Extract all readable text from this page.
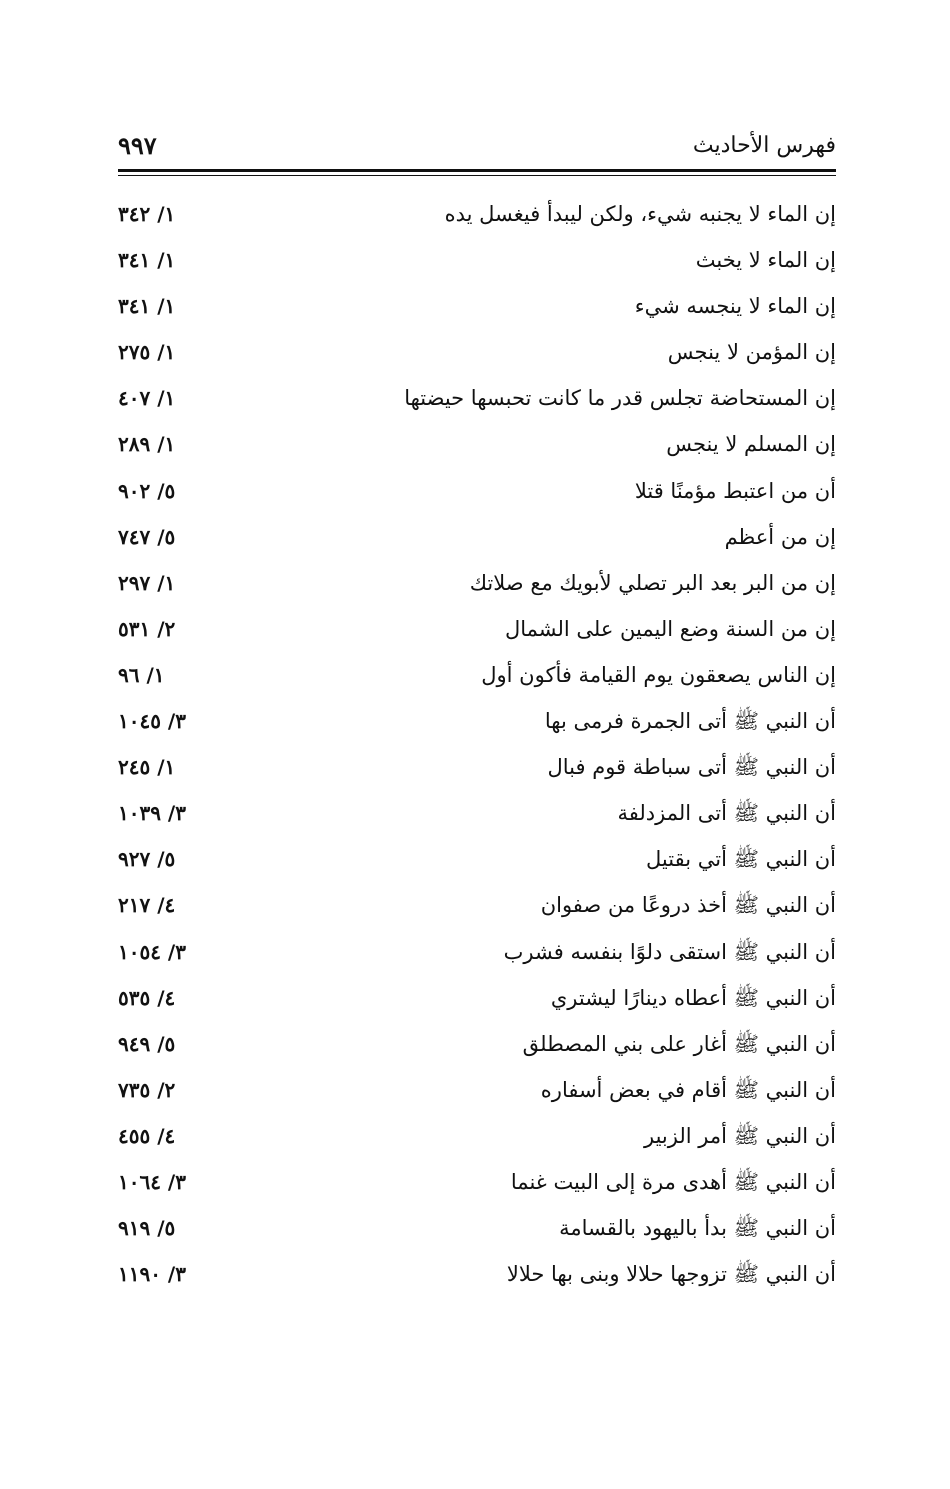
فهرس الأحاديث
٩٩٧
إن الماء لا يجنبه شيء، ولكن ليبدأ فيغسل يده
١/ ٣٤٢
إن الماء لا يخبث
١/ ٣٤١
إن الماء لا ينجسه شيء
١/ ٣٤١
إن المؤمن لا ينجس
١/ ٢٧٥
إن المستحاضة تجلس قدر ما كانت تحبسها حيضتها
١/ ٤٠٧
إن المسلم لا ينجس
١/ ٢٨٩
أن من اعتبط مؤمنًا قتلا
٥/ ٩٠٢
إن من أعظم
٥/ ٧٤٧
إن من البر بعد البر تصلي لأبويك مع صلاتك
١/ ٢٩٧
إن من السنة وضع اليمين على الشمال
٢/ ٥٣١
إن الناس يصعقون يوم القيامة فأكون أول
١/ ٩٦
أن النبي ﷺ أتى الجمرة فرمى بها
٣/ ١٠٤٥
أن النبي ﷺ أتى سباطة قوم فبال
١/ ٢٤٥
أن النبي ﷺ أتى المزدلفة
٣/ ١٠٣٩
أن النبي ﷺ أتي بقتيل
٥/ ٩٢٧
أن النبي ﷺ أخذ دروعًا من صفوان
٤/ ٢١٧
أن النبي ﷺ استقى دلوًا بنفسه فشرب
٣/ ١٠٥٤
أن النبي ﷺ أعطاه دينارًا ليشتري
٤/ ٥٣٥
أن النبي ﷺ أغار على بني المصطلق
٥/ ٩٤٩
أن النبي ﷺ أقام في بعض أسفاره
٢/ ٧٣٥
أن النبي ﷺ أمر الزبير
٤/ ٤٥٥
أن النبي ﷺ أهدى مرة إلى البيت غنما
٣/ ١٠٦٤
أن النبي ﷺ بدأ باليهود بالقسامة
٥/ ٩١٩
أن النبي ﷺ تزوجها حلالا وبنى بها حلالا
٣/ ١١٩٠
